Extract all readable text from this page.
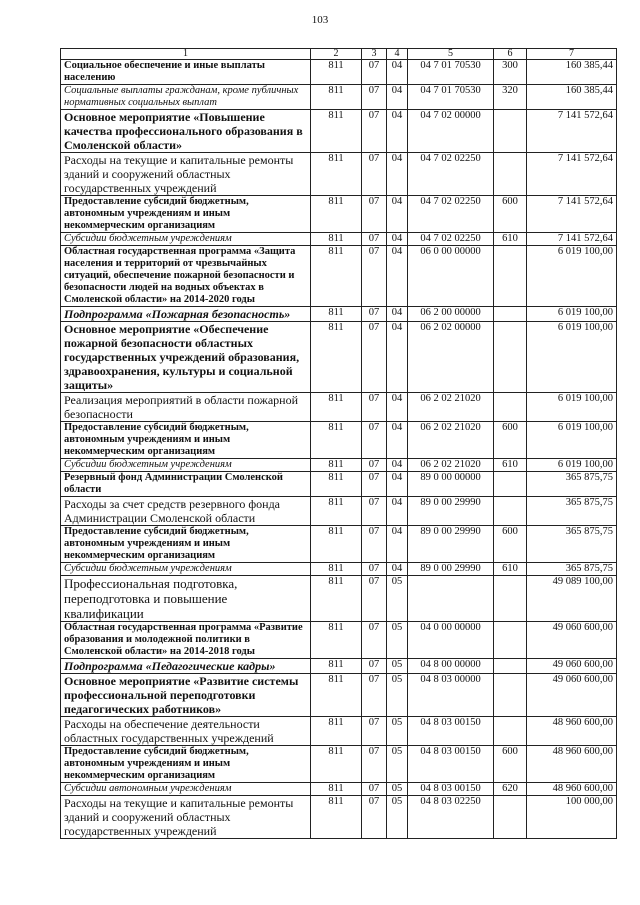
103
1	2	3	4	5	6	7
Социальное обеспечение и иные выплаты населению	811	07	04	04 7 01 70530	300	160 385,44
Социальные выплаты гражданам, кроме публичных нормативных социальных выплат	811	07	04	04 7 01 70530	320	160 385,44
Основное мероприятие «Повышение качества профессионального образования в Смоленской области»	811	07	04	04 7 02 00000		7 141 572,64
Расходы на текущие и капитальные ремонты зданий и сооружений областных государственных учреждений	811	07	04	04 7 02 02250		7 141 572,64
Предоставление субсидий бюджетным, автономным учреждениям и иным некоммерческим организациям	811	07	04	04 7 02 02250	600	7 141 572,64
Субсидии бюджетным учреждениям	811	07	04	04 7 02 02250	610	7 141 572,64
Областная государственная программа «Защита населения и территорий от чрезвычайных ситуаций, обеспечение пожарной безопасности и безопасности людей на водных объектах в Смоленской области» на 2014-2020 годы	811	07	04	06 0 00 00000		6 019 100,00
Подпрограмма «Пожарная безопасность»	811	07	04	06 2 00 00000		6 019 100,00
Основное мероприятие «Обеспечение пожарной безопасности областных государственных учреждений образования, здравоохранения, культуры и социальной защиты»	811	07	04	06 2 02 00000		6 019 100,00
Реализация мероприятий в области пожарной безопасности	811	07	04	06 2 02 21020		6 019 100,00
Предоставление субсидий бюджетным, автономным учреждениям и иным некоммерческим организациям	811	07	04	06 2 02 21020	600	6 019 100,00
Субсидии бюджетным учреждениям	811	07	04	06 2 02 21020	610	6 019 100,00
Резервный фонд Администрации Смоленской области	811	07	04	89 0 00 00000		365 875,75
Расходы за счет средств резервного фонда Администрации Смоленской области	811	07	04	89 0 00 29990		365 875,75
Предоставление субсидий бюджетным, автономным учреждениям и иным некоммерческим организациям	811	07	04	89 0 00 29990	600	365 875,75
Субсидии бюджетным учреждениям	811	07	04	89 0 00 29990	610	365 875,75
Профессиональная подготовка, переподготовка и повышение квалификации	811	07	05			49 089 100,00
Областная государственная программа «Развитие образования и молодежной политики в Смоленской области» на 2014-2018 годы	811	07	05	04 0 00 00000		49 060 600,00
Подпрограмма «Педагогические кадры»	811	07	05	04 8 00 00000		49 060 600,00
Основное мероприятие «Развитие системы профессиональной переподготовки педагогических работников»	811	07	05	04 8 03 00000		49 060 600,00
Расходы на обеспечение деятельности областных государственных учреждений	811	07	05	04 8 03 00150		48 960 600,00
Предоставление субсидий бюджетным, автономным учреждениям и иным некоммерческим организациям	811	07	05	04 8 03 00150	600	48 960 600,00
Субсидии автономным учреждениям	811	07	05	04 8 03 00150	620	48 960 600,00
Расходы на текущие и капитальные ремонты зданий и сооружений областных государственных учреждений	811	07	05	04 8 03 02250		100 000,00
